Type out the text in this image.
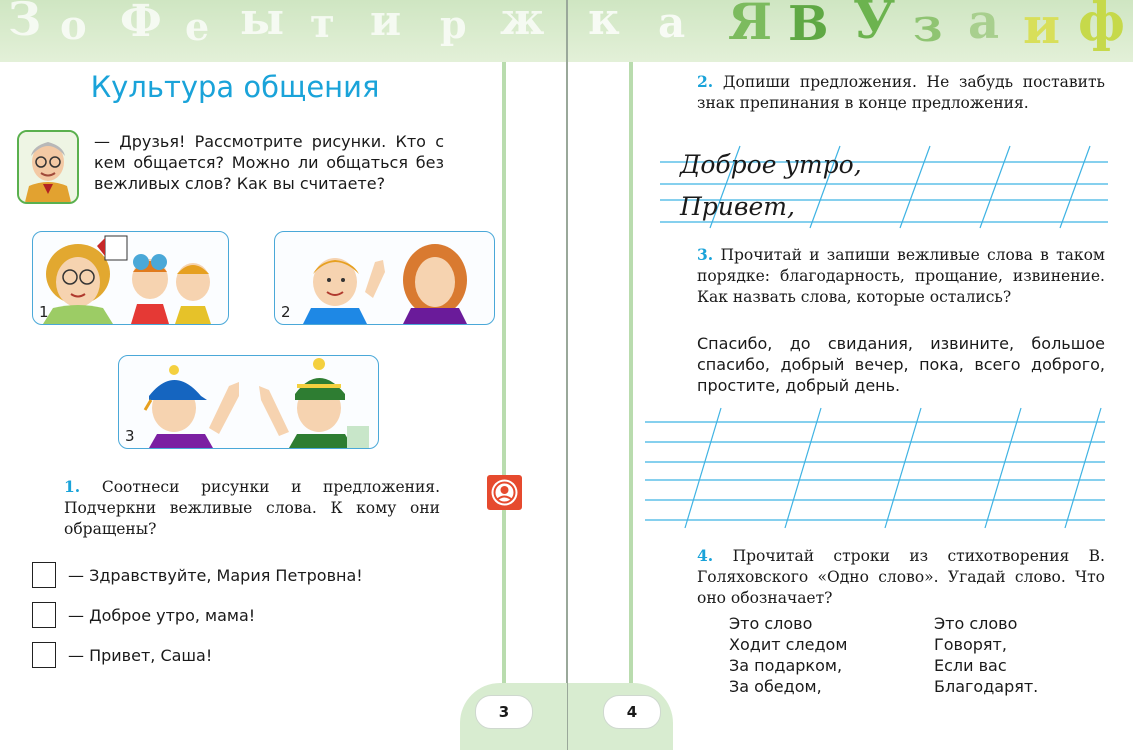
З о Ф е ы т и р ж к а Я В У з а и ф
Культура общения
— Друзья! Рассмотрите рисунки. Кто с кем общается? Можно ли общаться без вежливых слов? Как вы считаете?
1	2
3
1. Соотнеси рисунки и предложения. Подчеркни вежливые слова. К кому они обращены?
— Здравствуйте, Мария Петровна!
— Доброе утро, мама!
— Привет, Саша!
3	4
2. Допиши предложения. Не забудь поставить знак препинания в конце предложения.
Доброе утро,
Привет,
3. Прочитай и запиши вежливые слова в таком порядке: благодарность, прощание, извинение. Как назвать слова, которые остались?
Спасибо, до свидания, извините, большое спасибо, добрый вечер, пока, всего доброго, простите, добрый день.
4. Прочитай строки из стихотворения В. Голяховского «Одно слово». Угадай слово. Что оно обозначает?
Это слово
Ходит следом
За подарком,
За обедом,
Это слово
Говорят,
Если вас
Благодарят.
